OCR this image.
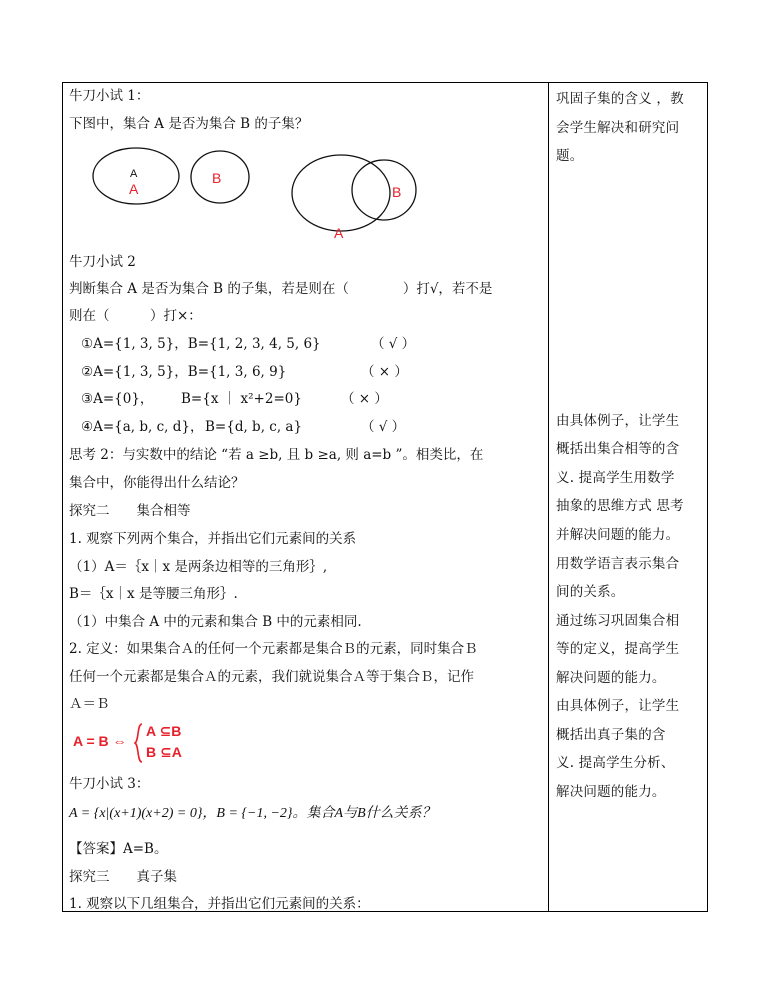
牛刀小试 1：
下图中，集合 A 是否为集合 B 的子集？
A
A
B
B
A
牛刀小试 2
判断集合 A 是否为集合 B 的子集，若是则在（　　　　）打√，若不是
则在（　　　）打×：
①A={1, 3, 5}，B={1, 2, 3, 4, 5, 6}	（ √ ）
②A={1, 3, 5}，B={1, 3, 6, 9}	（ × ）
③A={0}， B={x ｜ x²+2=0}	（ × ）
④A={a, b, c, d}， B={d, b, c, a}	（ √ ）
思考 2：与实数中的结论 “若 a ≥b, 且 b ≥a, 则 a=b ”。相类比，在
集合中，你能得出什么结论？
探究二　　集合相等
1. 观察下列两个集合，并指出它们元素间的关系
（1）A＝｛x｜x 是两条边相等的三角形｝,
B＝｛x｜x 是等腰三角形｝.
（1）中集合 A 中的元素和集合 B 中的元素相同.
2. 定义：如果集合Ａ的任何一个元素都是集合Ｂ的元素，同时集合Ｂ
任何一个元素都是集合Ａ的元素，我们就说集合Ａ等于集合Ｂ，记作
Ａ＝Ｂ
A = B ⇔
A ⊆B
B ⊆A
牛刀小试 3：
A = {x|(x+1)(x+2) = 0}，B = {−1, −2}。集合A与B什么关系？
【答案】A=B。
探究三　　真子集
1. 观察以下几组集合，并指出它们元素间的关系：
巩固子集的含义 ，教
会学生解决和研究问
题。
由具体例子，让学生
概括出集合相等的含
义. 提高学生用数学
抽象的思维方式 思考
并解决问题的能力。
用数学语言表示集合
间的关系。
通过练习巩固集合相
等的定义，提高学生
解决问题的能力。
由具体例子，让学生
概括出真子集的含
义. 提高学生分析、
解决问题的能力。
